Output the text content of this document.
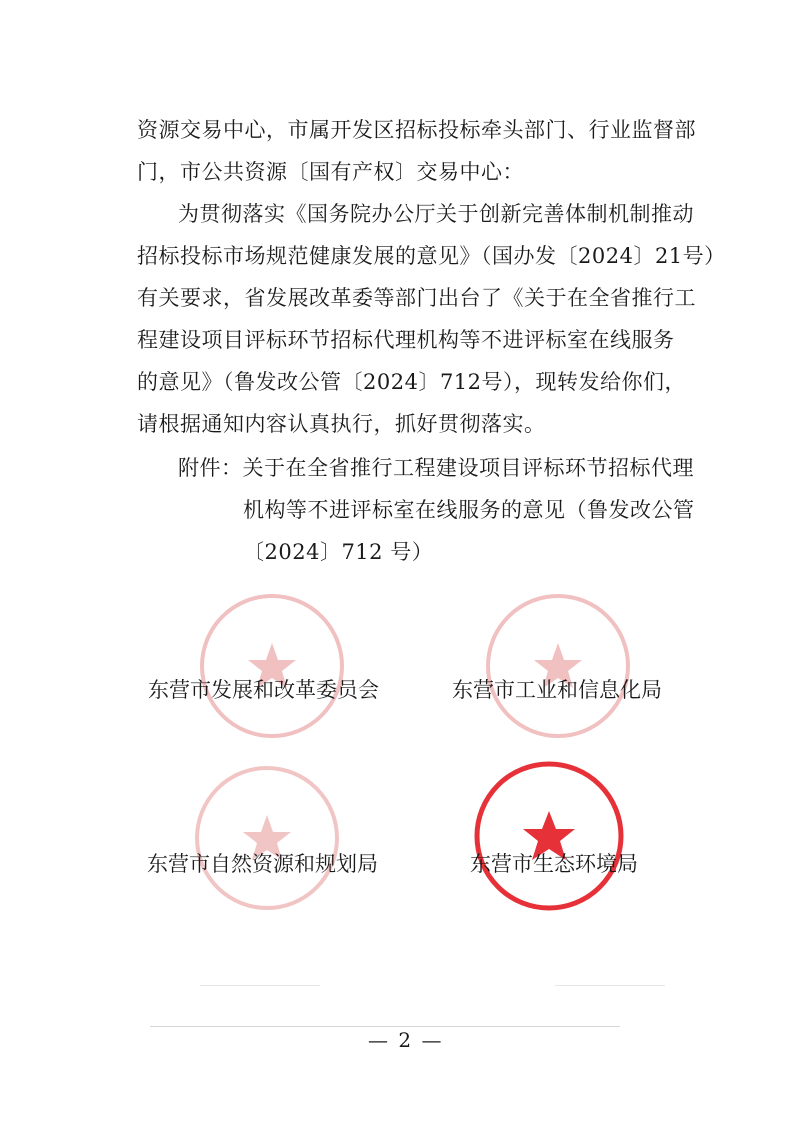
资源交易中心，市属开发区招标投标牵头部门、行业监督部
门，市公共资源〔国有产权〕交易中心：
为贯彻落实《国务院办公厅关于创新完善体制机制推动
招标投标市场规范健康发展的意见》（国办发〔2024〕21号）
有关要求，省发展改革委等部门出台了《关于在全省推行工
程建设项目评标环节招标代理机构等不进评标室在线服务
的意见》（鲁发改公管〔2024〕712号），现转发给你们，
请根据通知内容认真执行，抓好贯彻落实。
附件：关于在全省推行工程建设项目评标环节招标代理
机构等不进评标室在线服务的意见（鲁发改公管
〔2024〕712 号）
东营市发展和改革委员会	东营市工业和信息化局
东营市自然资源和规划局	东营市生态环境局
— 2 —
